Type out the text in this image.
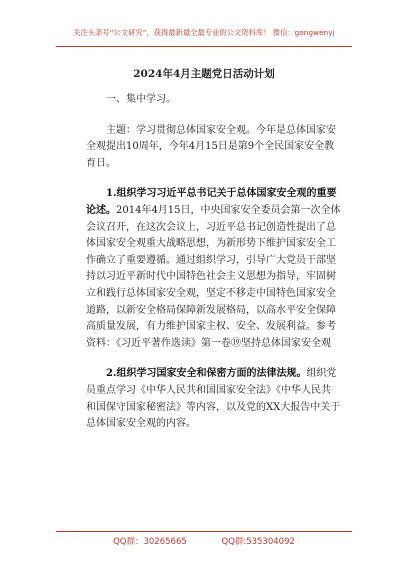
关注头条号“公文研究”，获得最新最全最专业的公文资料库！ 微信：gongwenyj
2024年4月主题党日活动计划
一、集中学习。
主题：学习贯彻总体国家安全观。今年是总体国家安
全观提出10周年，今年4月15日是第9个全民国家安全教
育日。
1.组织学习习近平总书记关于总体国家安全观的重要
论述。2014年4月15日，中央国家安全委员会第一次全体
会议召开，在这次会议上，习近平总书记创造性提出了总
体国家安全观重大战略思想，为新形势下维护国家安全工
作确立了重要遵循。通过组织学习，引导广大党员干部坚
持以习近平新时代中国特色社会主义思想为指导，牢固树
立和践行总体国家安全观，坚定不移走中国特色国家安全
道路，以新安全格局保障新发展格局，以高水平安全保障
高质量发展，有力维护国家主权、安全、发展利益。参考
资料：《习近平著作选读》第一卷⑲坚持总体国家安全观
2.组织学习国家安全和保密方面的法律法规。组织党
员重点学习《中华人民共和国国家安全法》《中华人民共
和国保守国家秘密法》等内容，以及党的XX大报告中关于
总体国家安全观的内容。
QQ群：30265665	QQ群:535304092
